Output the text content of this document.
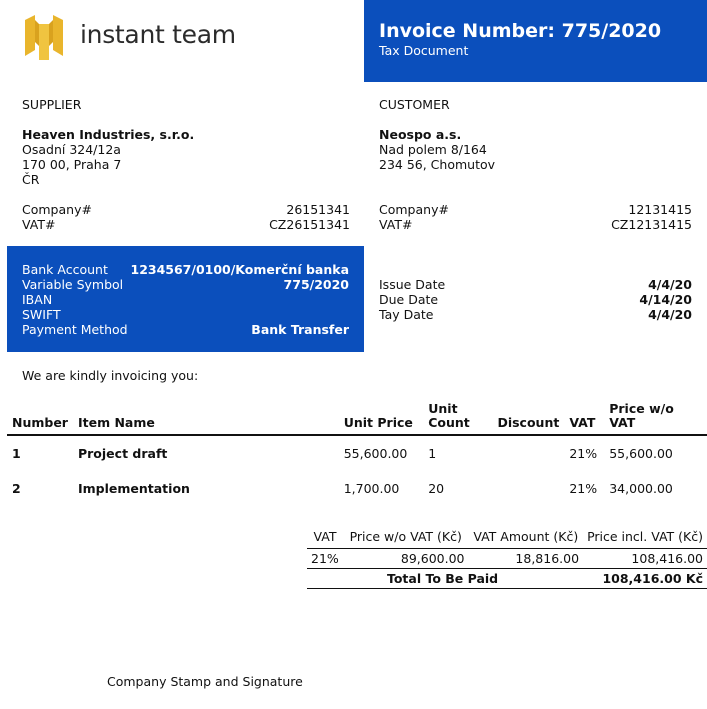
instant team	Invoice Number: 775/2020
Tax Document
SUPPLIER
Heaven Industries, s.r.o.
Osadní 324/12a
170 00, Praha 7
ČR
Company#	26151341
VAT#	CZ26151341
CUSTOMER
Neospo a.s.
Nad polem 8/164
234 56, Chomutov
Company#	12131415
VAT#	CZ12131415
Bank Account 1234567/0100/Komerční banka
Variable Symbol	775/2020
IBAN
SWIFT
Payment Method	Bank Transfer
Issue Date	4/4/20
Due Date	4/14/20
Tay Date	4/4/20
We are kindly invoicing you:
Number	Item Name	Unit Price	Unit Count	Discount	VAT	Price w/o VAT
1	Project draft	55,600.00	1		21%	55,600.00
2	Implementation	1,700.00	20		21%	34,000.00
VAT	Price w/o VAT (Kč)	VAT Amount (Kč)	Price incl. VAT (Kč)
21%	89,600.00	18,816.00	108,416.00
	Total To Be Paid		108,416.00 Kč
Company Stamp and Signature
